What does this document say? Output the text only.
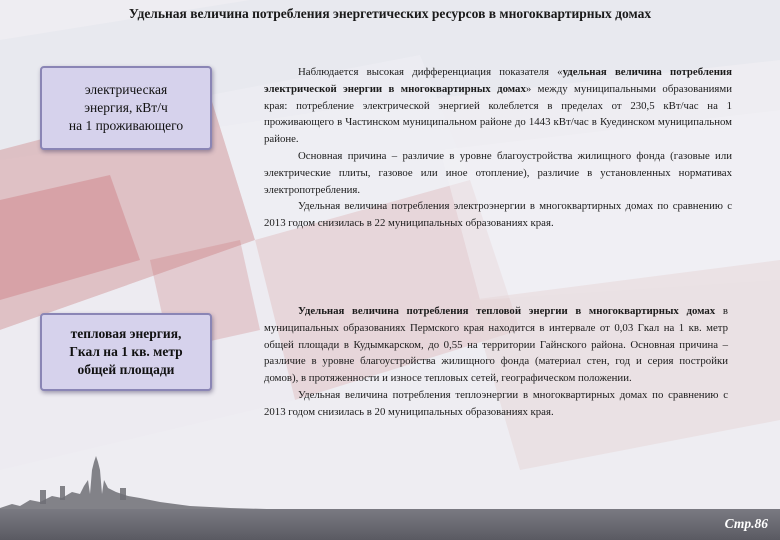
Удельная величина потребления энергетических ресурсов в многоквартирных домах
электрическая
энергия, кВт/ч
на 1 проживающего

Наблюдается высокая дифференциация показателя «удельная величина потребления электрической энергии в многоквартирных домах» между муниципальными образованиями края: потребление электрической энергией колеблется в пределах от 230,5 кВт/час на 1 проживающего в Частинском муниципальном районе до 1443 кВт/час в Куединском муниципальном районе.

Основная причина – различие в уровне благоустройства жилищного фонда (газовые или электрические плиты, газовое или иное отопление), различие в установленных нормативах электропотребления.

Удельная величина потребления электроэнергии в многоквартирных домах по сравнению с 2013 годом снизилась в 22 муниципальных образованиях края.

тепловая энергия,
Гкал на 1 кв. метр
общей площади

Удельная величина потребления тепловой энергии в многоквартирных домах в муниципальных образованиях Пермского края находится в интервале от 0,03 Гкал на 1 кв. метр общей площади в Кудымкарском, до 0,55 на территории Гайнского района. Основная причина – различие в уровне благоустройства жилищного фонда (материал стен, год и серия постройки домов), в протяженности и износе тепловых сетей, географическом положении.

Удельная величина потребления теплоэнергии в многоквартирных домах по сравнению с 2013 годом снизилась в 20 муниципальных образованиях края.

Стр.86
